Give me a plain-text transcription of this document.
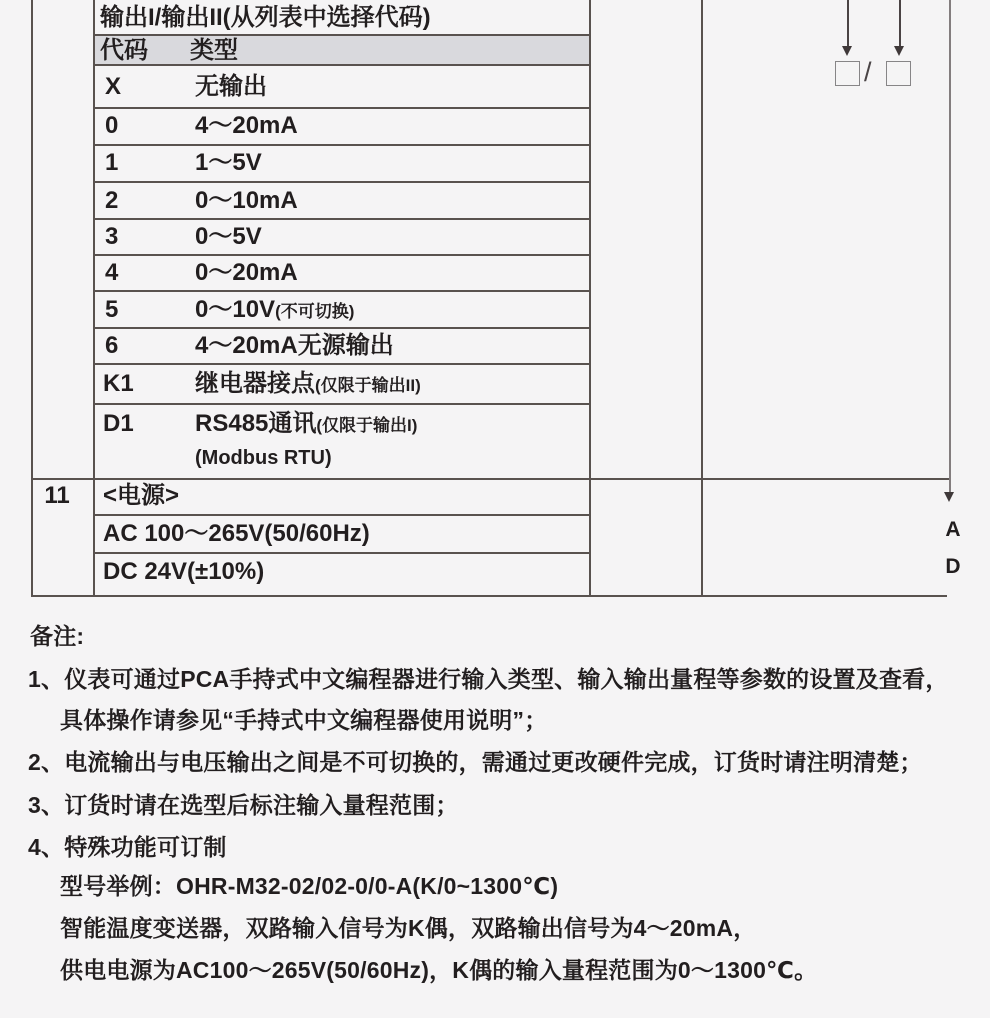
输出I/输出II(从列表中选择代码)
代码 类型
X	无输出
0	4～20mA
1	1～5V
2	0～10mA
3	0～5V
4	0～20mA
5	0～10V(不可切换)
6	4～20mA无源输出
K1	继电器接点(仅限于输出II)
D1	RS485通讯(仅限于输出I)
(Modbus RTU)
11 <电源>
AC 100～265V(50/60Hz)
DC 24V(±10%)
/
A
D
备注:
1、仪表可通过PCA手持式中文编程器进行输入类型、输入输出量程等参数的设置及查看，
具体操作请参见“手持式中文编程器使用说明”；
2、电流输出与电压输出之间是不可切换的，需通过更改硬件完成，订货时请注明清楚；
3、订货时请在选型后标注输入量程范围；
4、特殊功能可订制
型号举例：OHR-M32-02/02-0/0-A(K/0~1300℃)
智能温度变送器，双路输入信号为K偶，双路输出信号为4～20mA，
供电电源为AC100～265V(50/60Hz)，K偶的输入量程范围为0～1300℃。
